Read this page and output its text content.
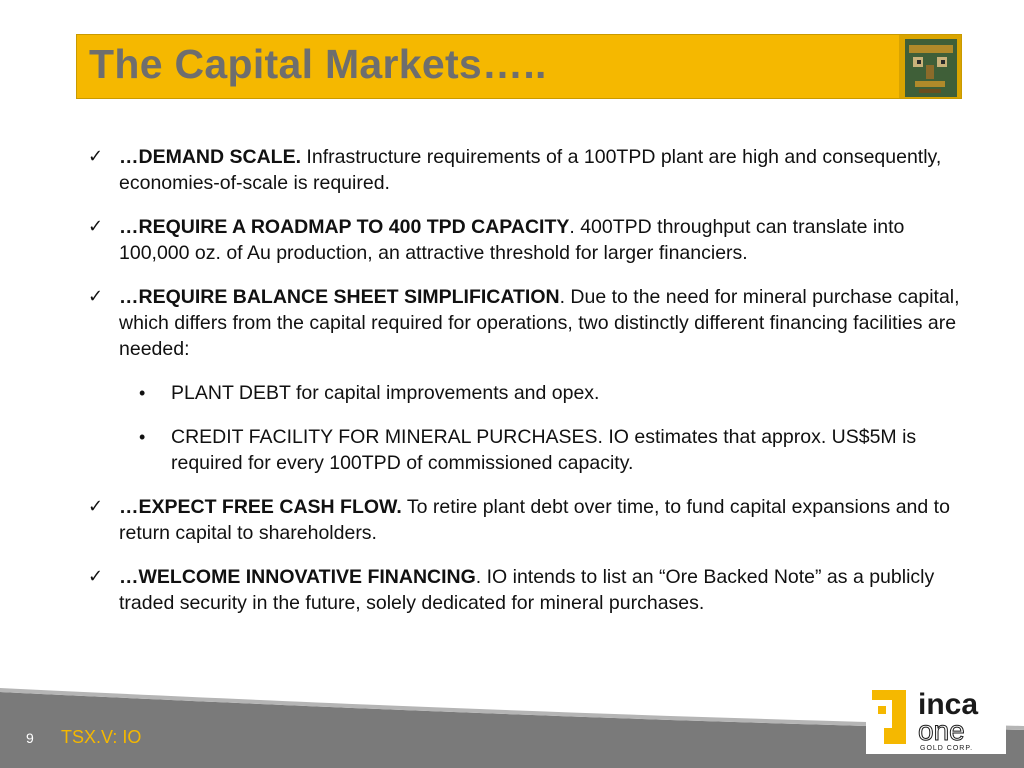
The Capital Markets…..
✓ …DEMAND SCALE. Infrastructure requirements of a 100TPD plant are high and consequently, economies-of-scale is required.
✓ …REQUIRE A ROADMAP TO 400 TPD CAPACITY. 400TPD throughput can translate into 100,000 oz. of Au production, an attractive threshold for larger financiers.
✓ …REQUIRE BALANCE SHEET SIMPLIFICATION. Due to the need for mineral purchase capital, which differs from the capital required for operations, two distinctly different financing facilities are needed:
• PLANT DEBT for capital improvements and opex.
• CREDIT FACILITY FOR MINERAL PURCHASES. IO estimates that approx. US$5M is required for every 100TPD of commissioned capacity.
✓ …EXPECT FREE CASH FLOW. To retire plant debt over time, to fund capital expansions and to return capital to shareholders.
✓ …WELCOME INNOVATIVE FINANCING. IO intends to list an “Ore Backed Note” as a publicly traded security in the future, solely dedicated for mineral purchases.
9 TSX.V: IO
inca
one
GOLD CORP.
